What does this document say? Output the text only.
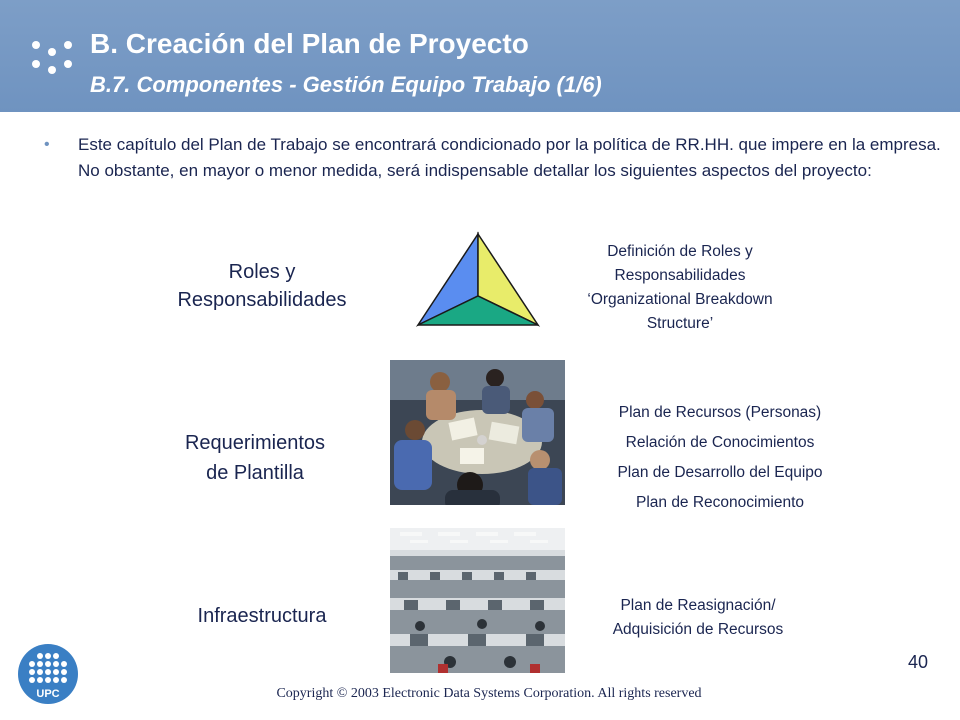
B. Creación del Plan de Proyecto
B.7. Componentes - Gestión Equipo Trabajo (1/6)
• Este capítulo del Plan de Trabajo se encontrará condicionado por la política de RR.HH. que impere en la empresa. No obstante, en mayor o menor medida, será indispensable detallar los siguientes aspectos del proyecto:
Roles y
Responsabilidades
Definición de Roles y
Responsabilidades
‘Organizational Breakdown
Structure’
Requerimientos
de Plantilla
Plan de Recursos (Personas)
Relación de Conocimientos
Plan de Desarrollo del Equipo
Plan de Reconocimiento
Infraestructura	Plan de Reasignación/
Adquisición de Recursos
UPC
40
Copyright © 2003 Electronic Data Systems Corporation. All rights reserved
